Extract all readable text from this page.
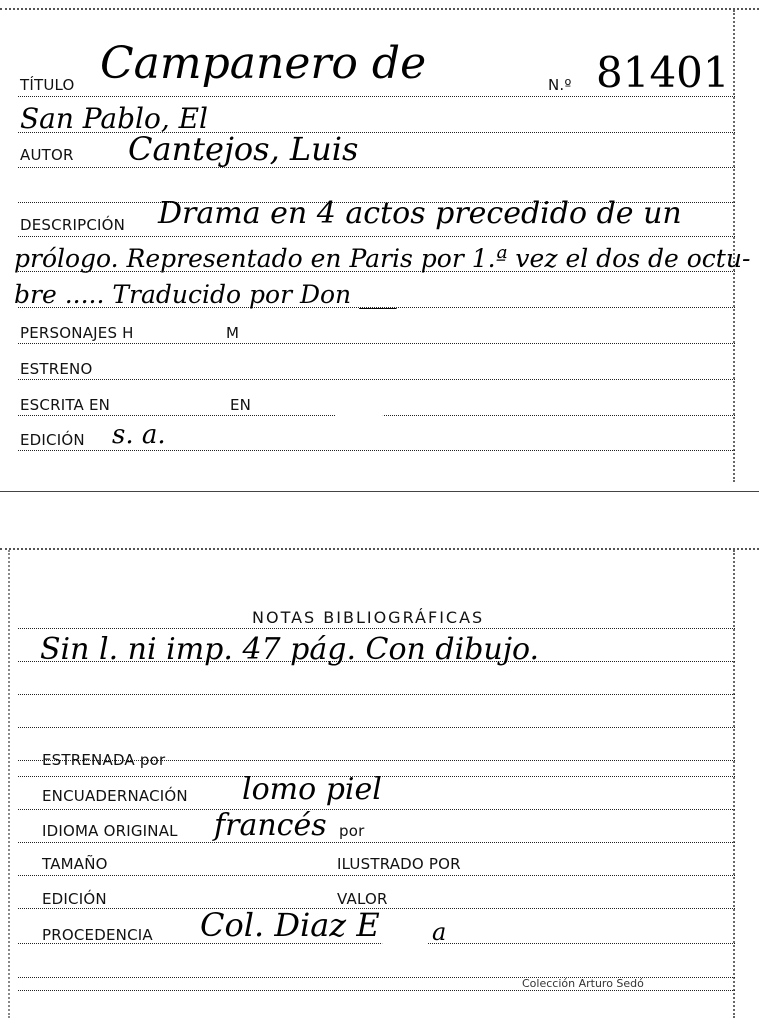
TÍTULO Campanero de	N.º 81401
San Pablo, El
AUTOR Cantejos, Luis
DESCRIPCIÓN Drama en 4 actos precedido de un
prólogo. Representado en Paris por 1.ª vez el dos de octu-
bre ..... Traducido por Don ___
PERSONAJES H	M
ESTRENO
ESCRITA EN	EN
EDICIÓN s. a.
NOTAS BIBLIOGRÁFICAS
Sin l. ni imp. 47 pág. Con dibujo.
ESTRENADA por
ENCUADERNACIÓN lomo piel
IDIOMA ORIGINAL francés por
TAMAÑO	ILUSTRADO POR
EDICIÓN	VALOR
PROCEDENCIA Col. Diaz E a
Colección Arturo Sedó
